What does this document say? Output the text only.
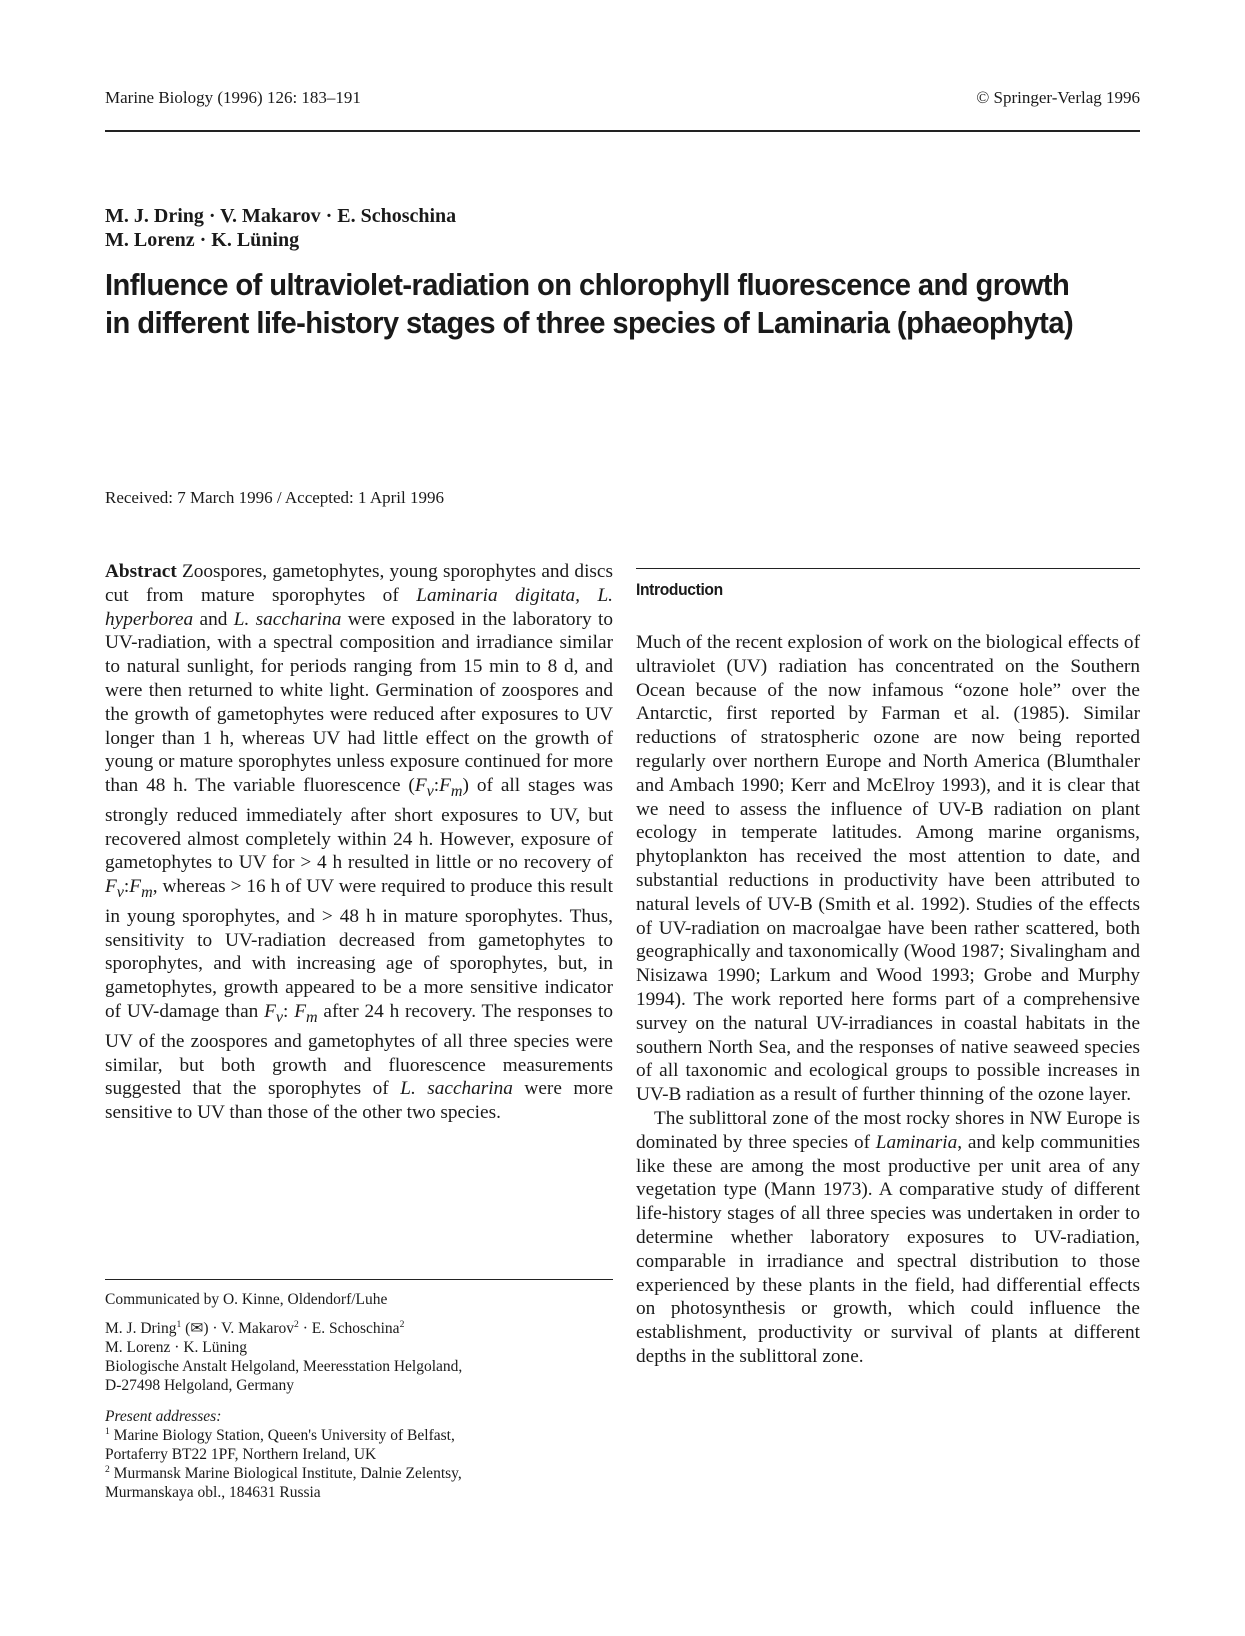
Marine Biology (1996) 126: 183–191	© Springer-Verlag 1996
M. J. Dring · V. Makarov · E. Schoschina
M. Lorenz · K. Lüning
Influence of ultraviolet-radiation on chlorophyll fluorescence and growth in different life-history stages of three species of Laminaria (phaeophyta)
Received: 7 March 1996 / Accepted: 1 April 1996
Abstract Zoospores, gametophytes, young sporophytes and discs cut from mature sporophytes of Laminaria digitata, L. hyperborea and L. saccharina were exposed in the laboratory to UV-radiation, with a spectral composition and irradiance similar to natural sunlight, for periods ranging from 15 min to 8 d, and were then returned to white light. Germination of zoospores and the growth of gametophytes were reduced after exposures to UV longer than 1 h, whereas UV had little effect on the growth of young or mature sporophytes unless exposure continued for more than 48 h. The variable fluorescence $(F_v:F_m)$ of all stages was strongly reduced immediately after short exposures to UV, but recovered almost completely within 24 h. However, exposure of gametophytes to UV for > 4 h resulted in little or no recovery of $F_v:F_m$, whereas > 16 h of UV were required to produce this result in young sporophytes, and > 48 h in mature sporophytes. Thus, sensitivity to UV-radiation decreased from gametophytes to sporophytes, and with increasing age of sporophytes, but, in gametophytes, growth appeared to be a more sensitive indicator of UV-damage than $F_v$: $F_m$ after 24 h recovery. The responses to UV of the zoospores and gametophytes of all three species were similar, but both growth and fluorescence measurements suggested that the sporophytes of L. saccharina were more sensitive to UV than those of the other two species.
Communicated by O. Kinne, Oldendorf/Luhe
M. J. Dring$^1$ (✉) · V. Makarov$^2$ · E. Schoschina$^2$
M. Lorenz · K. Lüning
Biologische Anstalt Helgoland, Meeresstation Helgoland,
D-27498 Helgoland, Germany
Present addresses:
$^1$ Marine Biology Station, Queen's University of Belfast,
Portaferry BT22 1PF, Northern Ireland, UK
$^2$ Murmansk Marine Biological Institute, Dalnie Zelentsy,
Murmanskaya obl., 184631 Russia
Introduction

Much of the recent explosion of work on the biological effects of ultraviolet (UV) radiation has concentrated on the Southern Ocean because of the now infamous “ozone hole” over the Antarctic, first reported by Farman et al. (1985). Similar reductions of stratospheric ozone are now being reported regularly over northern Europe and North America (Blumthaler and Ambach 1990; Kerr and McElroy 1993), and it is clear that we need to assess the influence of UV-B radiation on plant ecology in temperate latitudes. Among marine organisms, phytoplankton has received the most attention to date, and substantial reductions in productivity have been attributed to natural levels of UV-B (Smith et al. 1992). Studies of the effects of UV-radiation on macroalgae have been rather scattered, both geographically and taxonomically (Wood 1987; Sivalingham and Nisizawa 1990; Larkum and Wood 1993; Grobe and Murphy 1994). The work reported here forms part of a comprehensive survey on the natural UV-irradiances in coastal habitats in the southern North Sea, and the responses of native seaweed species of all taxonomic and ecological groups to possible increases in UV-B radiation as a result of further thinning of the ozone layer.

The sublittoral zone of the most rocky shores in NW Europe is dominated by three species of Laminaria, and kelp communities like these are among the most productive per unit area of any vegetation type (Mann 1973). A comparative study of different life-history stages of all three species was undertaken in order to determine whether laboratory exposures to UV-radiation, comparable in irradiance and spectral distribution to those experienced by these plants in the field, had differential effects on photosynthesis or growth, which could influence the establishment, productivity or survival of plants at different depths in the sublittoral zone.
